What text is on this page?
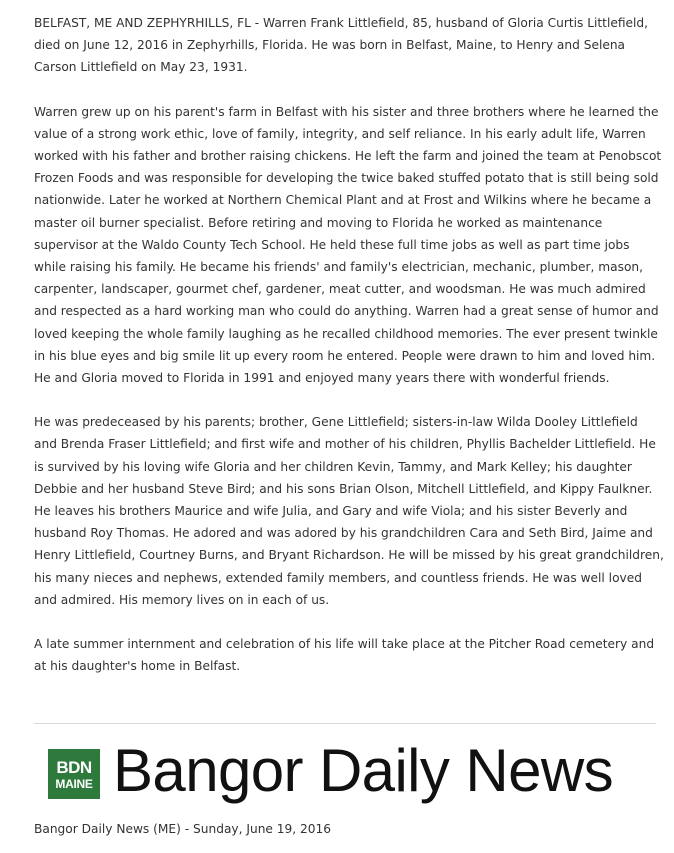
BELFAST, ME AND ZEPHYRHILLS, FL - Warren Frank Littlefield, 85, husband of Gloria Curtis Littlefield, died on June 12, 2016 in Zephyrhills, Florida. He was born in Belfast, Maine, to Henry and Selena Carson Littlefield on May 23, 1931.

Warren grew up on his parent's farm in Belfast with his sister and three brothers where he learned the value of a strong work ethic, love of family, integrity, and self reliance. In his early adult life, Warren worked with his father and brother raising chickens. He left the farm and joined the team at Penobscot Frozen Foods and was responsible for developing the twice baked stuffed potato that is still being sold nationwide. Later he worked at Northern Chemical Plant and at Frost and Wilkins where he became a master oil burner specialist. Before retiring and moving to Florida he worked as maintenance supervisor at the Waldo County Tech School. He held these full time jobs as well as part time jobs while raising his family. He became his friends' and family's electrician, mechanic, plumber, mason, carpenter, landscaper, gourmet chef, gardener, meat cutter, and woodsman. He was much admired and respected as a hard working man who could do anything. Warren had a great sense of humor and loved keeping the whole family laughing as he recalled childhood memories. The ever present twinkle in his blue eyes and big smile lit up every room he entered. People were drawn to him and loved him. He and Gloria moved to Florida in 1991 and enjoyed many years there with wonderful friends.

He was predeceased by his parents; brother, Gene Littlefield; sisters-in-law Wilda Dooley Littlefield and Brenda Fraser Littlefield; and first wife and mother of his children, Phyllis Bachelder Littlefield. He is survived by his loving wife Gloria and her children Kevin, Tammy, and Mark Kelley; his daughter Debbie and her husband Steve Bird; and his sons Brian Olson, Mitchell Littlefield, and Kippy Faulkner. He leaves his brothers Maurice and wife Julia, and Gary and wife Viola; and his sister Beverly and husband Roy Thomas. He adored and was adored by his grandchildren Cara and Seth Bird, Jaime and Henry Littlefield, Courtney Burns, and Bryant Richardson. He will be missed by his great grandchildren, his many nieces and nephews, extended family members, and countless friends. He was well loved and admired. His memory lives on in each of us.

A late summer internment and celebration of his life will take place at the Pitcher Road cemetery and at his daughter's home in Belfast.

BDN
MAINE Bangor Daily News
Bangor Daily News (ME) - Sunday, June 19, 2016
